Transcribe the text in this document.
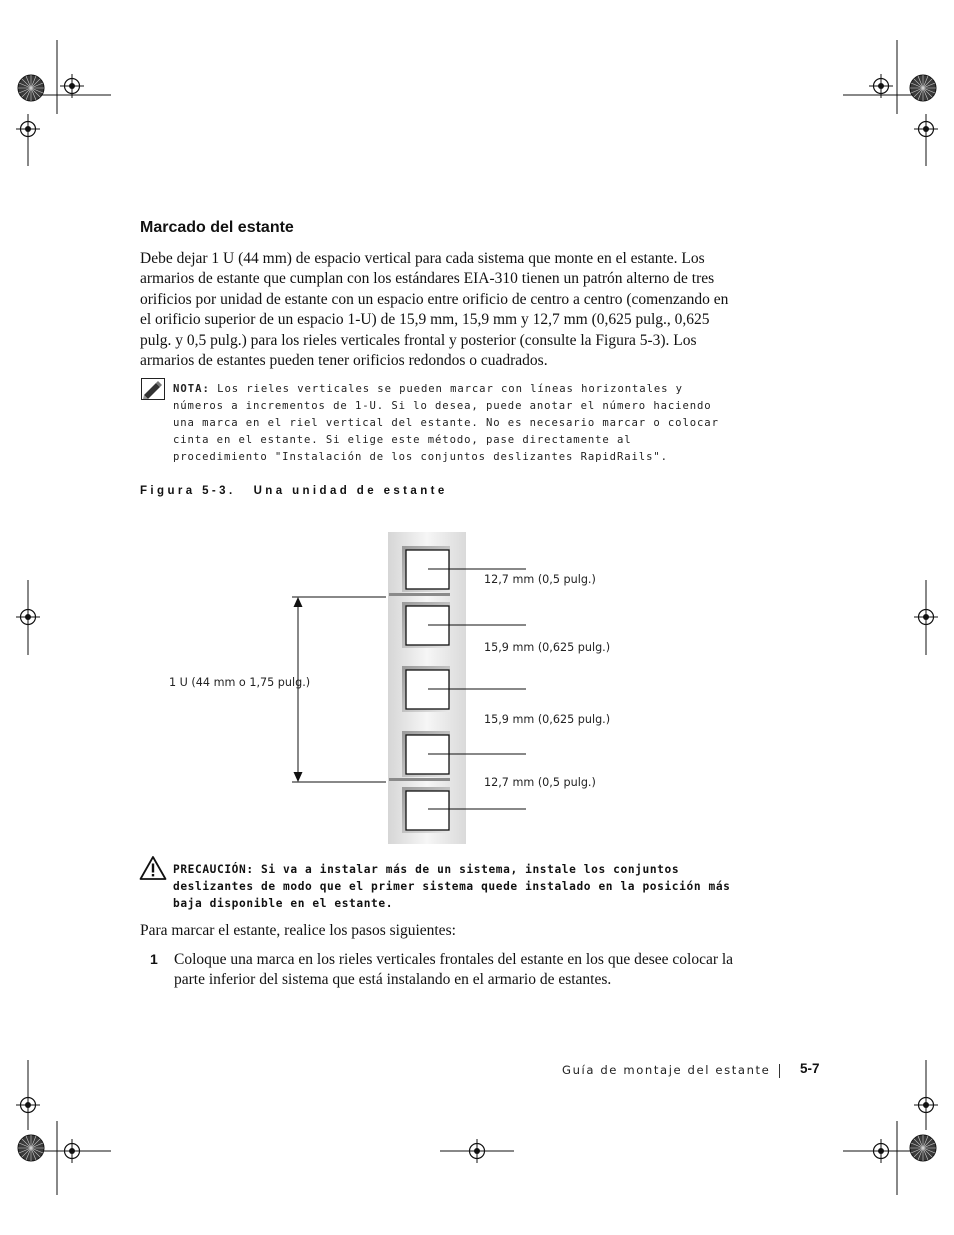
Marcado del estante

Debe dejar 1 U (44 mm) de espacio vertical para cada sistema que monte en el estante. Los armarios de estante que cumplan con los estándares EIA-310 tienen un patrón alterno de tres orificios por unidad de estante con un espacio entre orificio de centro a centro (comenzando en el orificio superior de un espacio 1-U) de 15,9 mm, 15,9 mm y 12,7 mm (0,625 pulg., 0,625 pulg. y 0,5 pulg.) para los rieles verticales frontal y posterior (consulte la Figura 5-3). Los armarios de estantes pueden tener orificios redondos o cuadrados.

NOTA: Los rieles verticales se pueden marcar con líneas horizontales y números a incrementos de 1-U. Si lo desea, puede anotar el número haciendo una marca en el riel vertical del estante. No es necesario marcar o colocar cinta en el estante. Si elige este método, pase directamente al procedimiento "Instalación de los conjuntos deslizantes RapidRails".

Figura 5-3. Una unidad de estante
1 U (44 mm o 1,75 pulg.)
12,7 mm (0,5 pulg.)
15,9 mm (0,625 pulg.)
15,9 mm (0,625 pulg.)
12,7 mm (0,5 pulg.)

PRECAUCIÓN: Si va a instalar más de un sistema, instale los conjuntos deslizantes de modo que el primer sistema quede instalado en la posición más baja disponible en el estante.

Para marcar el estante, realice los pasos siguientes:

1 Coloque una marca en los rieles verticales frontales del estante en los que desee colocar la parte inferior del sistema que está instalando en el armario de estantes.

Guía de montaje del estante 5-7
